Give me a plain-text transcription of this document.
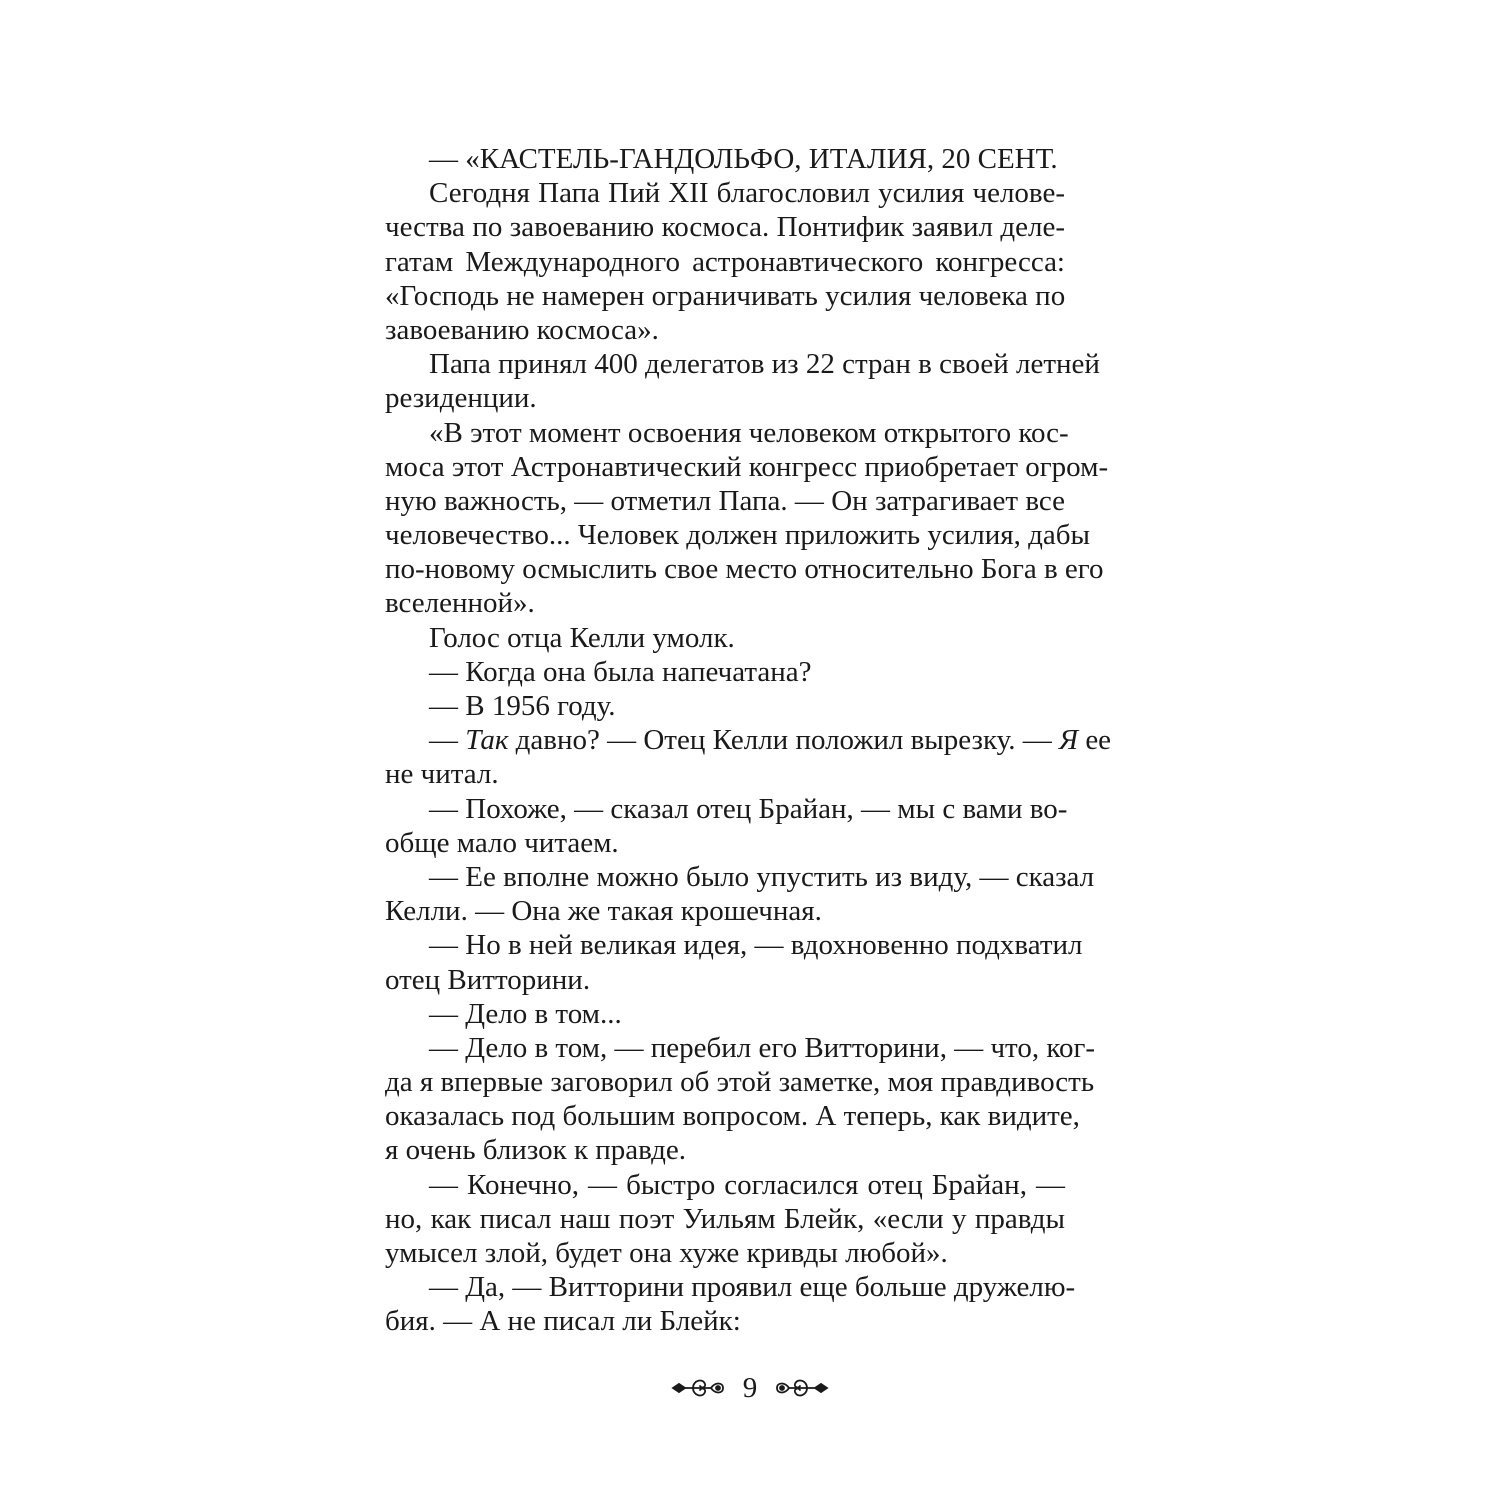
— «КАСТЕЛЬ-ГАНДОЛЬФО, ИТАЛИЯ, 20 СЕНТ.
Сегодня Папа Пий XII благословил усилия челове-
чества по завоеванию космоса. Понтифик заявил деле-
гатам Международного астронавтического конгресса:
«Господь не намерен ограничивать усилия человека по
завоеванию космоса».
Папа принял 400 делегатов из 22 стран в своей летней
резиденции.
«В этот момент освоения человеком открытого кос-
моса этот Астронавтический конгресс приобретает огром-
ную важность, — отметил Папа. — Он затрагивает все
человечество... Человек должен приложить усилия, дабы
по-новому осмыслить свое место относительно Бога в его
вселенной».
Голос отца Келли умолк.
— Когда она была напечатана?
— В 1956 году.
— Так давно? — Отец Келли положил вырезку. — Я ее
не читал.
— Похоже, — сказал отец Брайан, — мы с вами во-
обще мало читаем.
— Ее вполне можно было упустить из виду, — сказал
Келли. — Она же такая крошечная.
— Но в ней великая идея, — вдохновенно подхватил
отец Витторини.
— Дело в том...
— Дело в том, — перебил его Витторини, — что, ког-
да я впервые заговорил об этой заметке, моя правдивость
оказалась под большим вопросом. А теперь, как видите,
я очень близок к правде.
— Конечно, — быстро согласился отец Брайан, —
но, как писал наш поэт Уильям Блейк, «если у правды
умысел злой, будет она хуже кривды любой».
— Да, — Витторини проявил еще больше дружелю-
бия. — А не писал ли Блейк:
9
